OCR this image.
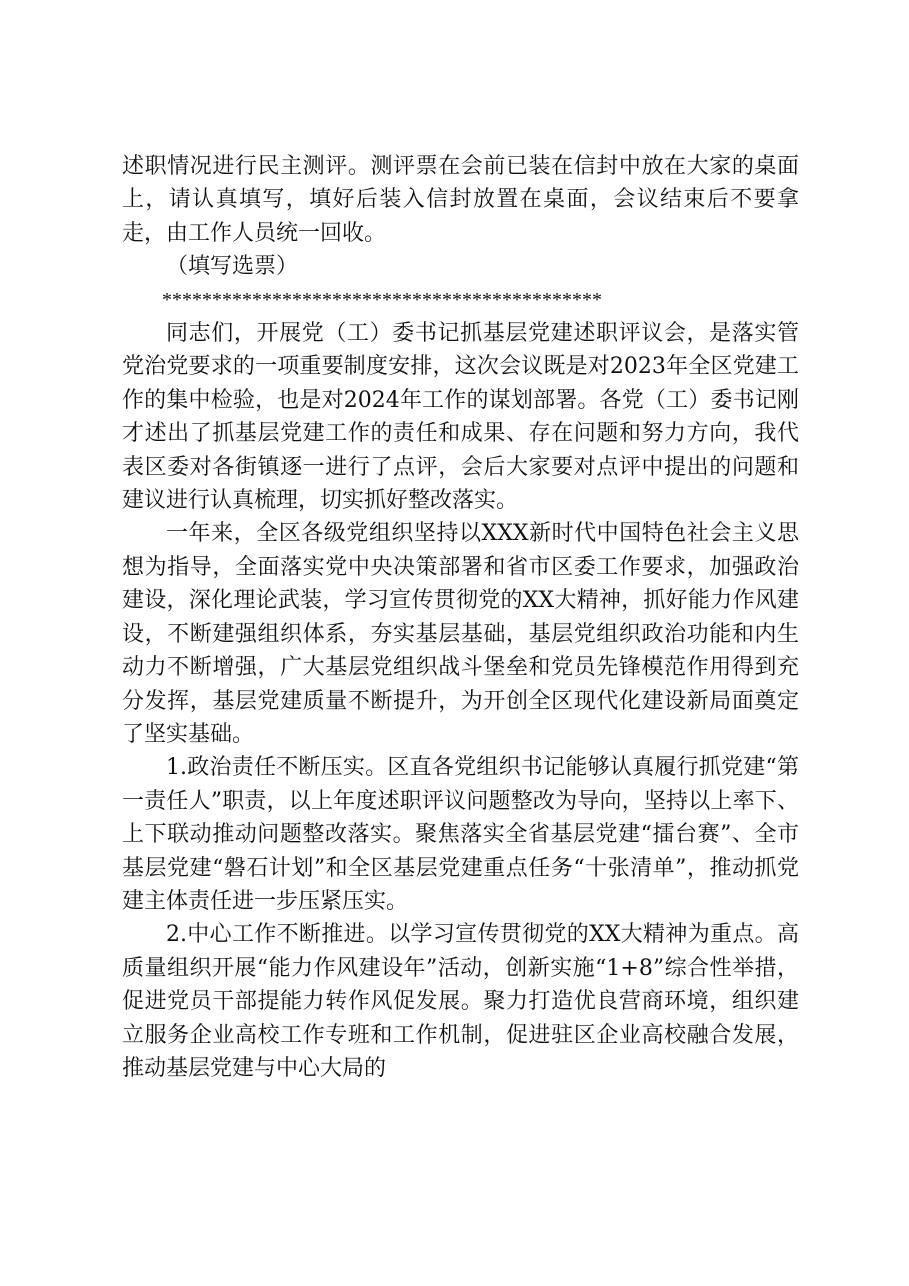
述职情况进行民主测评。测评票在会前已装在信封中放在大家的桌面上，请认真填写，填好后装入信封放置在桌面，会议结束后不要拿走，由工作人员统一回收。

（填写选票）

********************************************

同志们，开展党（工）委书记抓基层党建述职评议会，是落实管党治党要求的一项重要制度安排，这次会议既是对2023年全区党建工作的集中检验，也是对2024年工作的谋划部署。各党（工）委书记刚才述出了抓基层党建工作的责任和成果、存在问题和努力方向，我代表区委对各街镇逐一进行了点评，会后大家要对点评中提出的问题和建议进行认真梳理，切实抓好整改落实。

一年来，全区各级党组织坚持以XXX新时代中国特色社会主义思想为指导，全面落实党中央决策部署和省市区委工作要求，加强政治建设，深化理论武装，学习宣传贯彻党的XX大精神，抓好能力作风建设，不断建强组织体系，夯实基层基础，基层党组织政治功能和内生动力不断增强，广大基层党组织战斗堡垒和党员先锋模范作用得到充分发挥，基层党建质量不断提升，为开创全区现代化建设新局面奠定了坚实基础。

1.政治责任不断压实。区直各党组织书记能够认真履行抓党建“第一责任人”职责，以上年度述职评议问题整改为导向，坚持以上率下、上下联动推动问题整改落实。聚焦落实全省基层党建“擂台赛”、全市基层党建“磐石计划”和全区基层党建重点任务“十张清单”，推动抓党建主体责任进一步压紧压实。

2.中心工作不断推进。以学习宣传贯彻党的XX大精神为重点。高质量组织开展“能力作风建设年”活动，创新实施“1+8”综合性举措，促进党员干部提能力转作风促发展。聚力打造优良营商环境，组织建立服务企业高校工作专班和工作机制，促进驻区企业高校融合发展，推动基层党建与中心大局的
